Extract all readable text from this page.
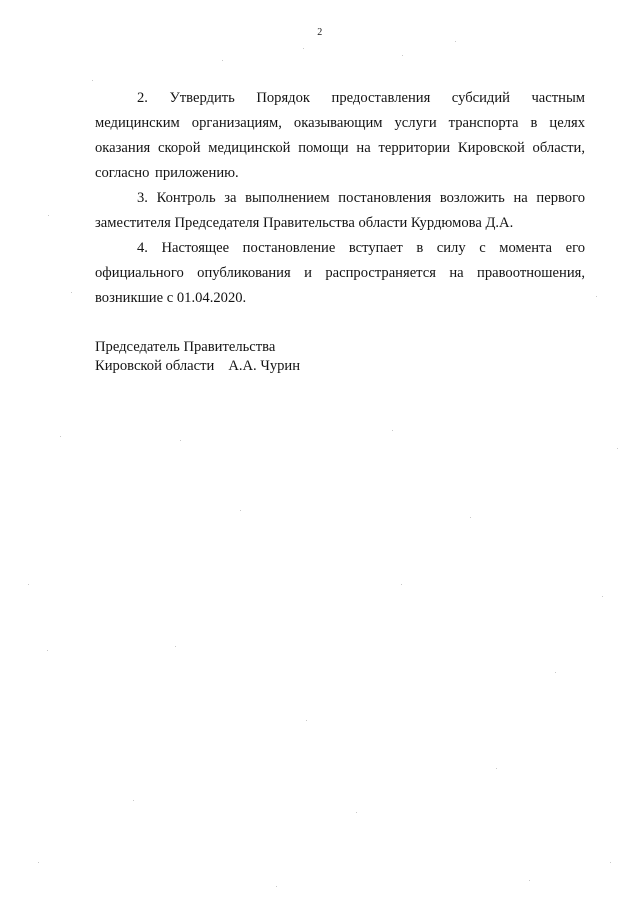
2

2. Утвердить Порядок предоставления субсидий частным медицинским организациям, оказывающим услуги транспорта в целях оказания скорой медицинской помощи на территории Кировской области, согласно приложению.

3. Контроль за выполнением постановления возложить на первого заместителя Председателя Правительства области Курдюмова Д.А.

4. Настоящее постановление вступает в силу с момента его официального опубликования и распространяется на правоотношения, возникшие с 01.04.2020.

Председатель Правительства
Кировской области А.А. Чурин
